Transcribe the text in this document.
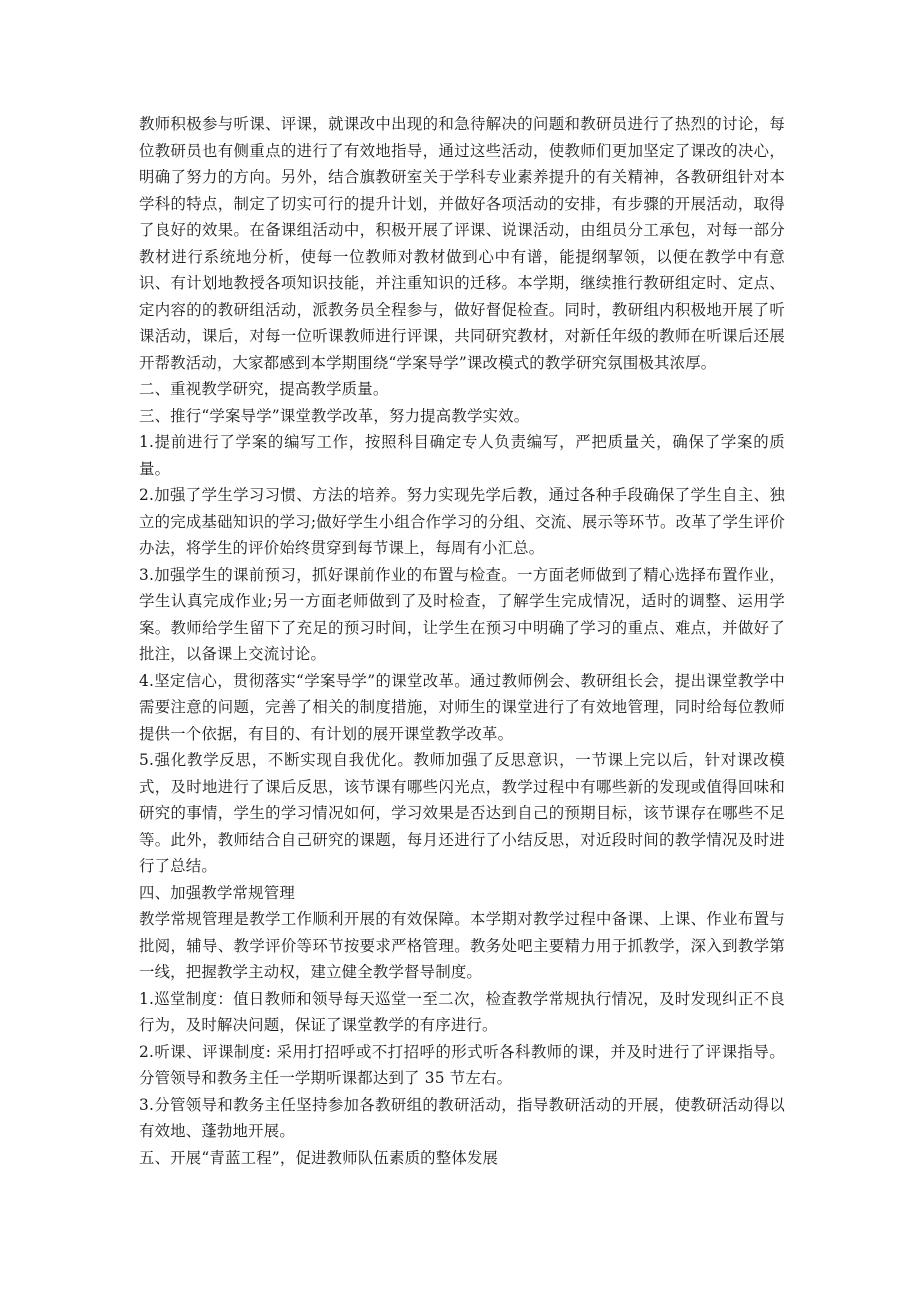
教师积极参与听课、评课，就课改中出现的和急待解决的问题和教研员进行了热烈的讨论，每位教研员也有侧重点的进行了有效地指导，通过这些活动，使教师们更加坚定了课改的决心，明确了努力的方向。另外，结合旗教研室关于学科专业素养提升的有关精神，各教研组针对本学科的特点，制定了切实可行的提升计划，并做好各项活动的安排，有步骤的开展活动，取得了良好的效果。在备课组活动中，积极开展了评课、说课活动，由组员分工承包，对每一部分教材进行系统地分析，使每一位教师对教材做到心中有谱，能提纲挈领，以便在教学中有意识、有计划地教授各项知识技能，并注重知识的迁移。本学期，继续推行教研组定时、定点、定内容的的教研组活动，派教务员全程参与，做好督促检查。同时，教研组内积极地开展了听课活动，课后，对每一位听课教师进行评课，共同研究教材，对新任年级的教师在听课后还展开帮教活动，大家都感到本学期围绕“学案导学”课改模式的教学研究氛围极其浓厚。

二、重视教学研究，提高教学质量。

三、推行“学案导学”课堂教学改革，努力提高教学实效。

1.提前进行了学案的编写工作，按照科目确定专人负责编写，严把质量关，确保了学案的质量。

2.加强了学生学习习惯、方法的培养。努力实现先学后教，通过各种手段确保了学生自主、独立的完成基础知识的学习;做好学生小组合作学习的分组、交流、展示等环节。改革了学生评价办法，将学生的评价始终贯穿到每节课上，每周有小汇总。

3.加强学生的课前预习，抓好课前作业的布置与检查。一方面老师做到了精心选择布置作业，学生认真完成作业;另一方面老师做到了及时检查，了解学生完成情况，适时的调整、运用学案。教师给学生留下了充足的预习时间，让学生在预习中明确了学习的重点、难点，并做好了批注，以备课上交流讨论。

4.坚定信心，贯彻落实“学案导学”的课堂改革。通过教师例会、教研组长会，提出课堂教学中需要注意的问题，完善了相关的制度措施，对师生的课堂进行了有效地管理，同时给每位教师提供一个依据，有目的、有计划的展开课堂教学改革。

5.强化教学反思，不断实现自我优化。教师加强了反思意识，一节课上完以后，针对课改模式，及时地进行了课后反思，该节课有哪些闪光点，教学过程中有哪些新的发现或值得回味和研究的事情，学生的学习情况如何，学习效果是否达到自己的预期目标，该节课存在哪些不足等。此外，教师结合自己研究的课题，每月还进行了小结反思，对近段时间的教学情况及时进行了总结。

四、加强教学常规管理

教学常规管理是教学工作顺利开展的有效保障。本学期对教学过程中备课、上课、作业布置与批阅，辅导、教学评价等环节按要求严格管理。教务处吧主要精力用于抓教学，深入到教学第一线，把握教学主动权，建立健全教学督导制度。

1.巡堂制度：值日教师和领导每天巡堂一至二次，检查教学常规执行情况，及时发现纠正不良行为，及时解决问题，保证了课堂教学的有序进行。

2.听课、评课制度: 采用打招呼或不打招呼的形式听各科教师的课，并及时进行了评课指导。分管领导和教务主任一学期听课都达到了 35 节左右。

3.分管领导和教务主任坚持参加各教研组的教研活动，指导教研活动的开展，使教研活动得以有效地、蓬勃地开展。

五、开展“青蓝工程”，促进教师队伍素质的整体发展
